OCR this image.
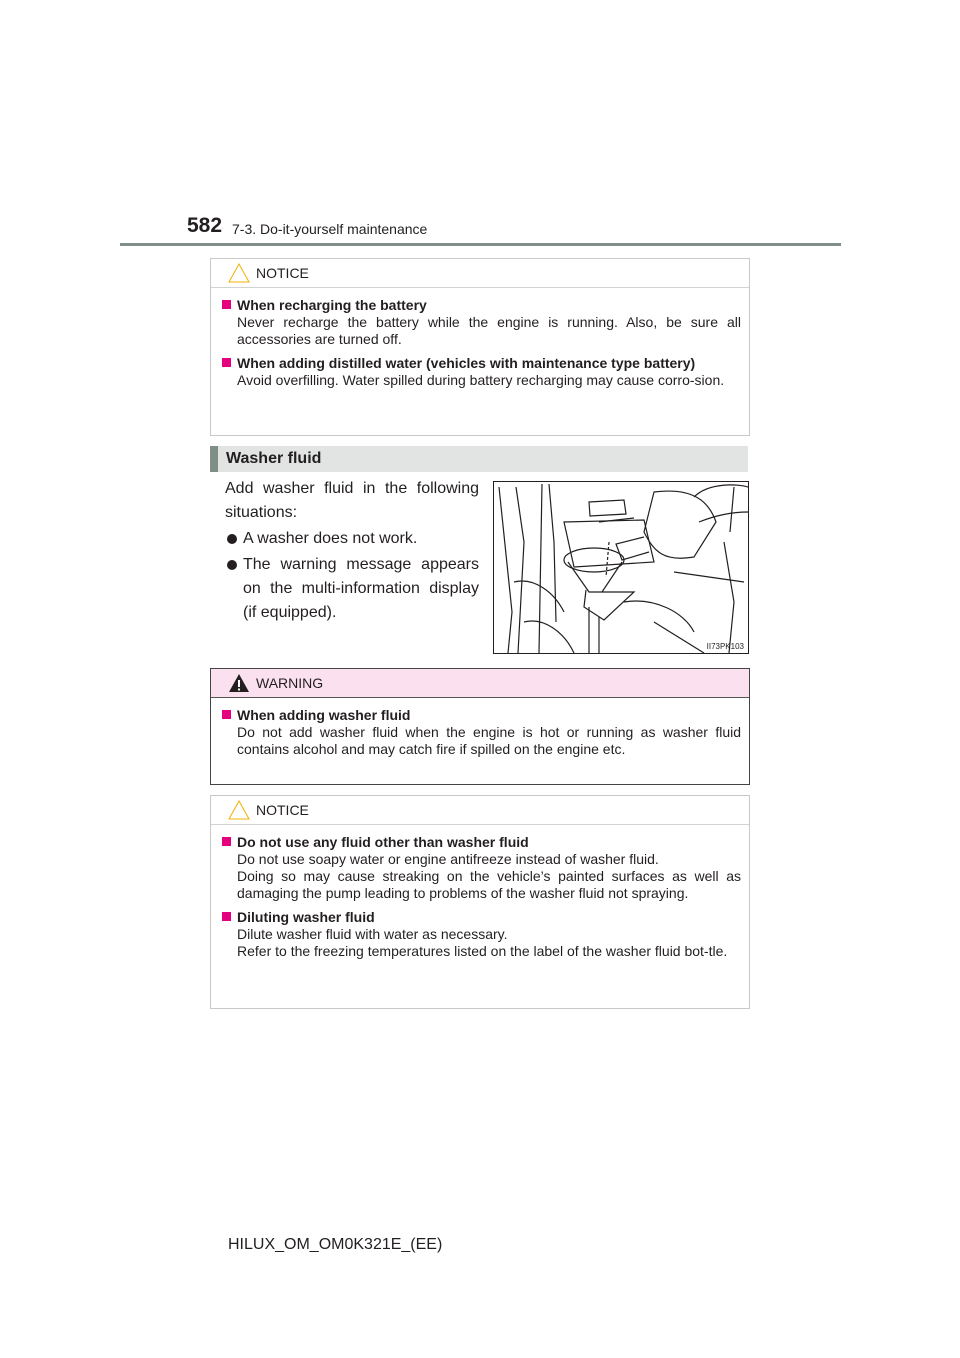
582 7-3. Do-it-yourself maintenance
NOTICE
When recharging the battery
Never recharge the battery while the engine is running. Also, be sure all accessories are turned off.
When adding distilled water (vehicles with maintenance type battery)
Avoid overfilling. Water spilled during battery recharging may cause corro-sion.
Washer fluid
Add washer fluid in the following situations:
A washer does not work.
The warning message appears on the multi-information display (if equipped).
II73PK103
WARNING
When adding washer fluid
Do not add washer fluid when the engine is hot or running as washer fluid contains alcohol and may catch fire if spilled on the engine etc.
NOTICE
Do not use any fluid other than washer fluid
Do not use soapy water or engine antifreeze instead of washer fluid.
Doing so may cause streaking on the vehicle’s painted surfaces as well as damaging the pump leading to problems of the washer fluid not spraying.
Diluting washer fluid
Dilute washer fluid with water as necessary.
Refer to the freezing temperatures listed on the label of the washer fluid bot-tle.
HILUX_OM_OM0K321E_(EE)
